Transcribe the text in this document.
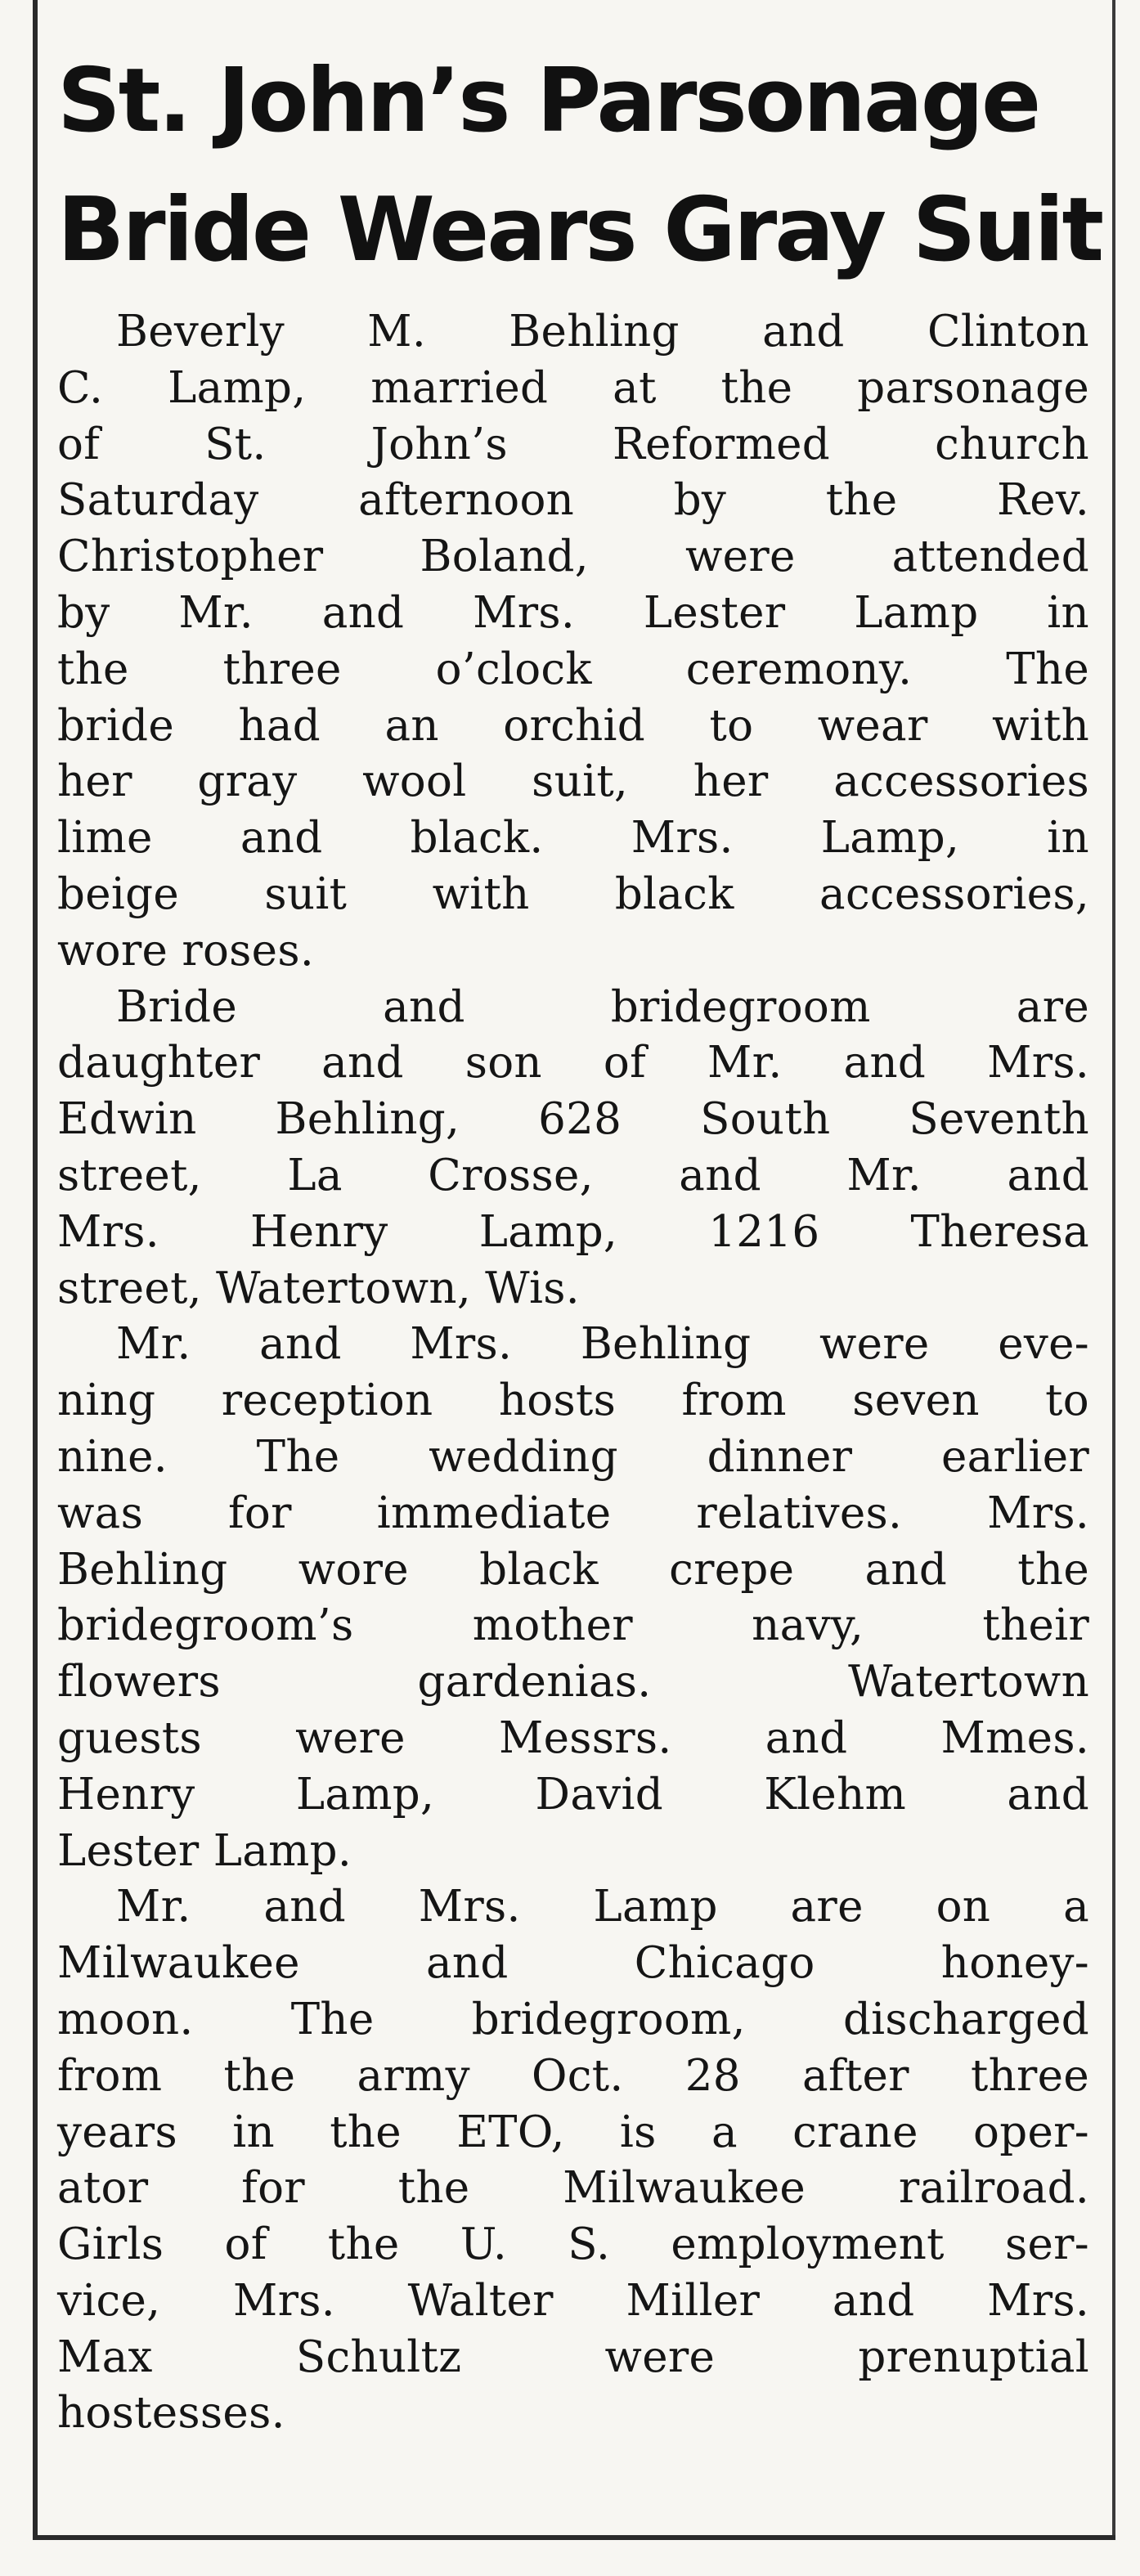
St. John’s Parsonage
Bride Wears Gray Suit
Beverly M. Behling and Clinton
C. Lamp, married at the parsonage
of St. John’s Reformed church
Saturday afternoon by the Rev.
Christopher Boland, were attended
by Mr. and Mrs. Lester Lamp in
the three o’clock ceremony. The
bride had an orchid to wear with
her gray wool suit, her accessories
lime and black. Mrs. Lamp, in
beige suit with black accessories,
wore roses.
Bride and bridegroom are
daughter and son of Mr. and Mrs.
Edwin Behling, 628 South Seventh
street, La Crosse, and Mr. and
Mrs. Henry Lamp, 1216 Theresa
street, Watertown, Wis.
Mr. and Mrs. Behling were eve-
ning reception hosts from seven to
nine. The wedding dinner earlier
was for immediate relatives. Mrs.
Behling wore black crepe and the
bridegroom’s mother navy, their
flowers gardenias. Watertown
guests were Messrs. and Mmes.
Henry Lamp, David Klehm and
Lester Lamp.
Mr. and Mrs. Lamp are on a
Milwaukee and Chicago honey-
moon. The bridegroom, discharged
from the army Oct. 28 after three
years in the ETO, is a crane oper-
ator for the Milwaukee railroad.
Girls of the U. S. employment ser-
vice, Mrs. Walter Miller and Mrs.
Max Schultz were prenuptial
hostesses.
